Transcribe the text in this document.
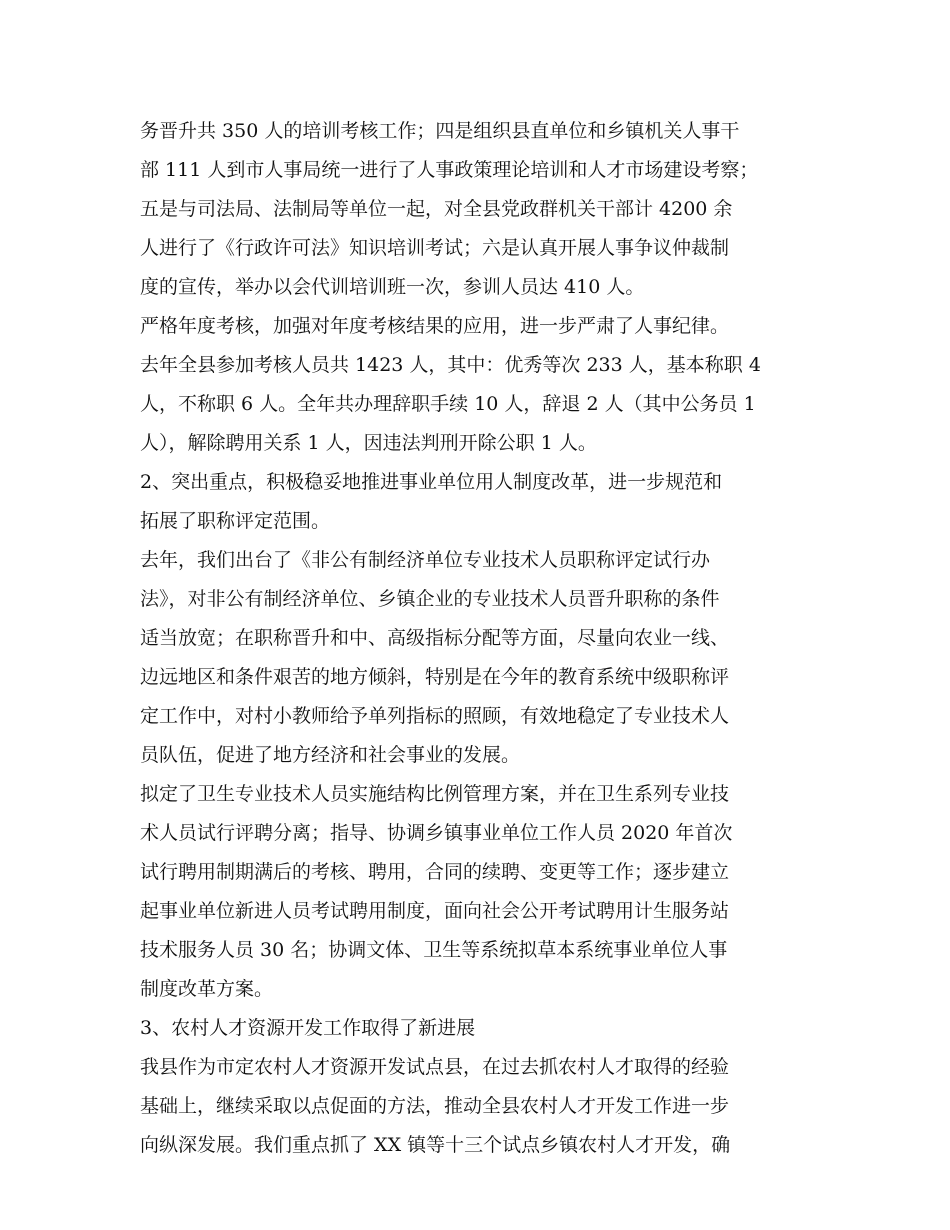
务晋升共 350 人的培训考核工作；四是组织县直单位和乡镇机关人事干
部 111 人到市人事局统一进行了人事政策理论培训和人才市场建设考察；
五是与司法局、法制局等单位一起，对全县党政群机关干部计 4200 余
人进行了《行政许可法》知识培训考试；六是认真开展人事争议仲裁制
度的宣传，举办以会代训培训班一次，参训人员达 410 人。
严格年度考核，加强对年度考核结果的应用，进一步严肃了人事纪律。
去年全县参加考核人员共 1423 人，其中：优秀等次 233 人，基本称职 4
人，不称职 6 人。全年共办理辞职手续 10 人，辞退 2 人（其中公务员 1
人），解除聘用关系 1 人，因违法判刑开除公职 1 人。
2、突出重点，积极稳妥地推进事业单位用人制度改革，进一步规范和
拓展了职称评定范围。
去年，我们出台了《非公有制经济单位专业技术人员职称评定试行办
法》，对非公有制经济单位、乡镇企业的专业技术人员晋升职称的条件
适当放宽；在职称晋升和中、高级指标分配等方面，尽量向农业一线、
边远地区和条件艰苦的地方倾斜，特别是在今年的教育系统中级职称评
定工作中，对村小教师给予单列指标的照顾，有效地稳定了专业技术人
员队伍，促进了地方经济和社会事业的发展。
拟定了卫生专业技术人员实施结构比例管理方案，并在卫生系列专业技
术人员试行评聘分离；指导、协调乡镇事业单位工作人员 2020 年首次
试行聘用制期满后的考核、聘用，合同的续聘、变更等工作；逐步建立
起事业单位新进人员考试聘用制度，面向社会公开考试聘用计生服务站
技术服务人员 30 名；协调文体、卫生等系统拟草本系统事业单位人事
制度改革方案。
3、农村人才资源开发工作取得了新进展
我县作为市定农村人才资源开发试点县，在过去抓农村人才取得的经验
基础上，继续采取以点促面的方法，推动全县农村人才开发工作进一步
向纵深发展。我们重点抓了 XX 镇等十三个试点乡镇农村人才开发，确
